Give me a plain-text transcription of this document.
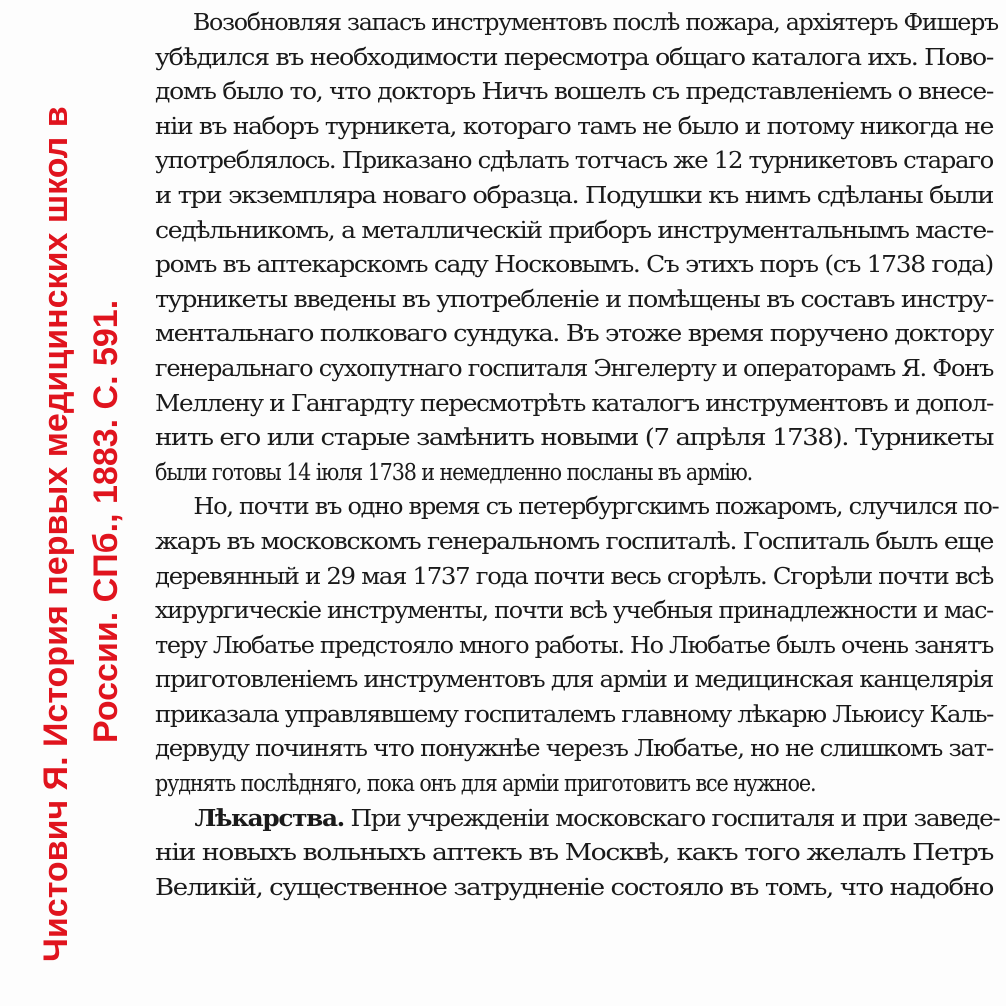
Чистович Я. История первых медицинских школ в России. СПб., 1883. С. 591.
Возобновляя запасъ инструментовъ послѣ пожара, архіятеръ Фишеръ
убѣдился въ необходимости пересмотра общаго каталога ихъ. Пово-
домъ было то, что докторъ Ничъ вошелъ съ представленіемъ о внесе-
ніи въ наборъ турникета, котораго тамъ не было и потому никогда не
употреблялось. Приказано сдѣлать тотчасъ же 12 турникетовъ стараго
и три экземпляра новаго образца. Подушки къ нимъ сдѣланы были
седѣльникомъ, а металлическій приборъ инструментальнымъ масте-
ромъ въ аптекарскомъ саду Носковымъ. Съ этихъ поръ (съ 1738 года)
турникеты введены въ употребленіе и помѣщены въ составъ инстру-
ментальнаго полковаго сундука. Въ этоже время поручено доктору
генеральнаго сухопутнаго госпиталя Энгелерту и операторамъ Я. Фонъ
Меллену и Гангардту пересмотрѣть каталогъ инструментовъ и допол-
нить его или старые замѣнить новыми (7 апрѣля 1738). Турникеты
были готовы 14 іюля 1738 и немедленно посланы въ армію.
Но, почти въ одно время съ петербургскимъ пожаромъ, случился по-
жаръ въ московскомъ генеральномъ госпиталѣ. Госпиталь былъ еще
деревянный и 29 мая 1737 года почти весь сгорѣлъ. Сгорѣли почти всѣ
хирургическіе инструменты, почти всѣ учебныя принадлежности и мас-
теру Любатье предстояло много работы. Но Любатье былъ очень занятъ
приготовленіемъ инструментовъ для арміи и медицинская канцелярія
приказала управлявшему госпиталемъ главному лѣкарю Льюису Каль-
дервуду починять что понужнѣе черезъ Любатье, но не слишкомъ зат-
руднять послѣдняго, пока онъ для арміи приготовитъ все нужное.
Лѣкарства. При учрежденіи московскаго госпиталя и при заведе-
ніи новыхъ вольныхъ аптекъ въ Москвѣ, какъ того желалъ Петръ
Великій, существенное затрудненіе состояло въ томъ, что надобно
